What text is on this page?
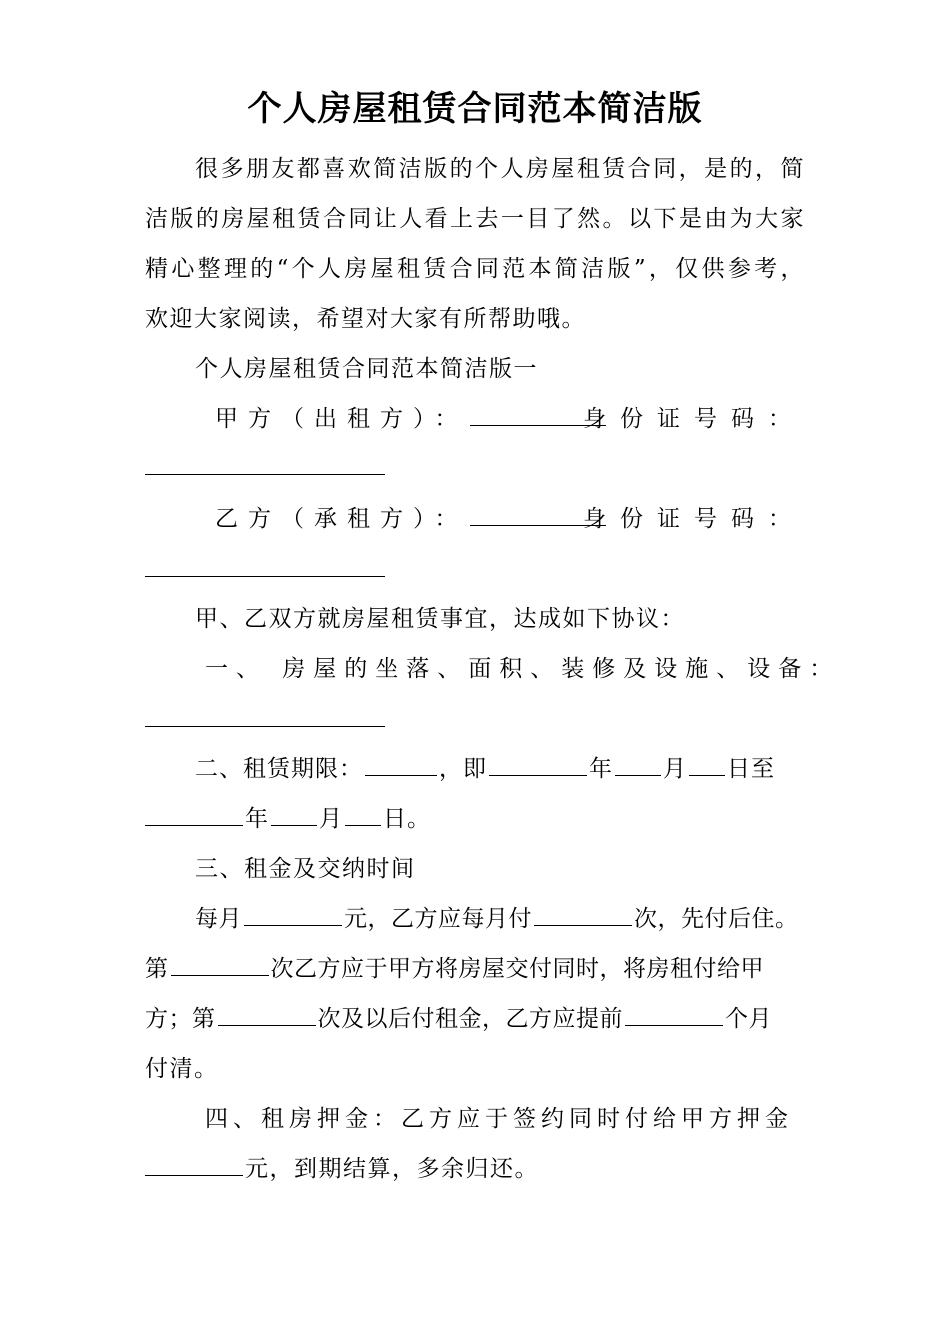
个人房屋租赁合同范本简洁版
很多朋友都喜欢简洁版的个人房屋租赁合同，是的，简
洁版的房屋租赁合同让人看上去一目了然。以下是由为大家
精心整理的“个人房屋租赁合同范本简洁版”，仅供参考，
欢迎大家阅读，希望对大家有所帮助哦。
个人房屋租赁合同范本简洁版一
甲方（出租方）：	身份证号码：
乙方（承租方）：	身份证号码：
甲、乙双方就房屋租赁事宜，达成如下协议：
一、 房屋的坐落、面积、装修及设施、设备：
二、租赁期限：	，即	年 月 日至
年 月 日。
三、租金及交纳时间
每月	元，乙方应每月付	次，先付后住。
第	次乙方应于甲方将房屋交付同时，将房租付给甲
方；第	次及以后付租金，乙方应提前	个月
付清。
四、租房押金：乙方应于签约同时付给甲方押金
元，到期结算，多余归还。
